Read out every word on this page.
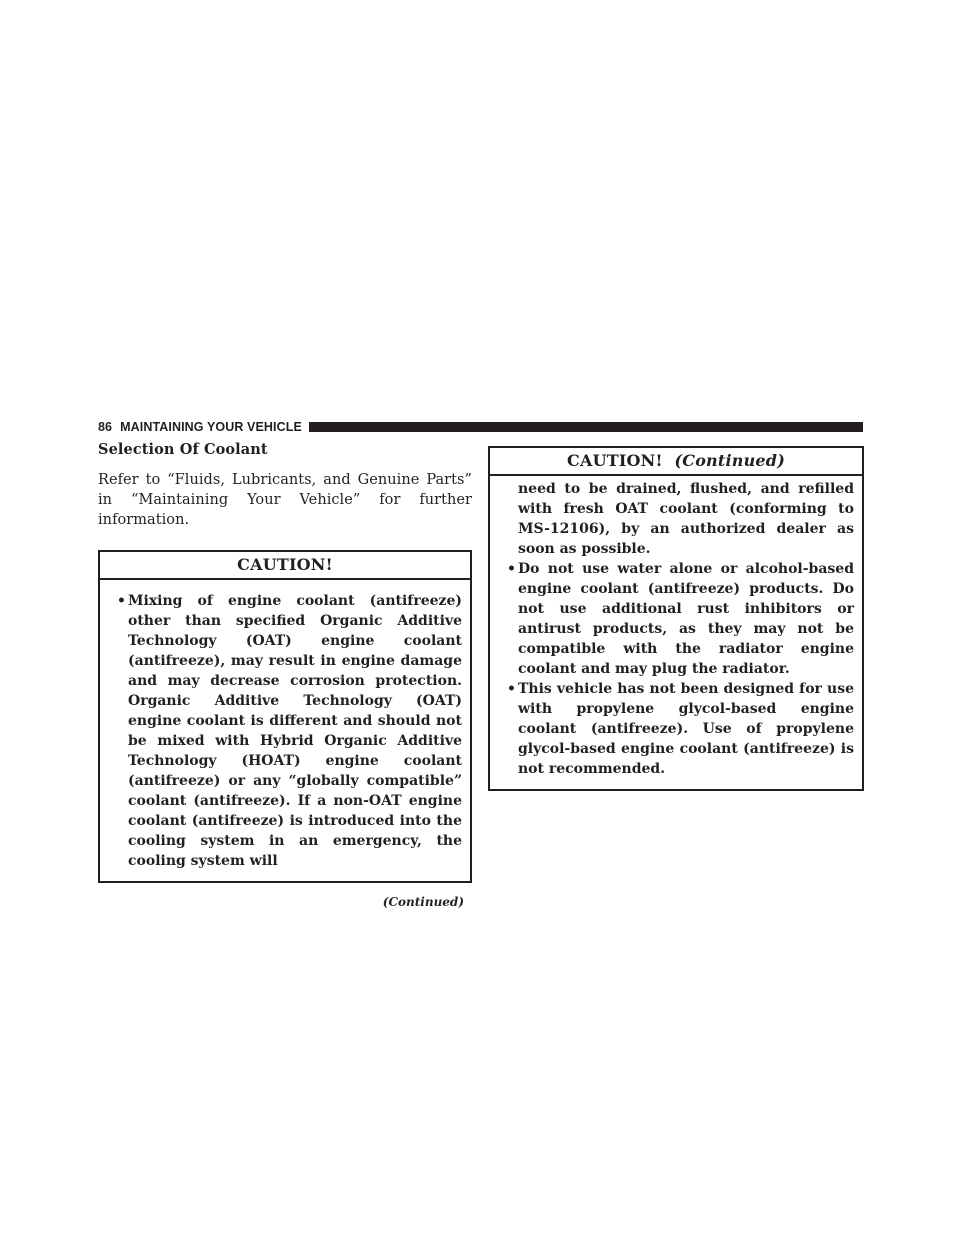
86 MAINTAINING YOUR VEHICLE
Selection Of Coolant

Refer to “Fluids, Lubricants, and Genuine Parts” in “Maintaining Your Vehicle” for further information.

CAUTION!
• Mixing of engine coolant (antifreeze) other than specified Organic Additive Technology (OAT) engine coolant (antifreeze), may result in engine damage and may decrease corrosion protection. Organic Additive Technology (OAT) engine coolant is different and should not be mixed with Hybrid Organic Additive Technology (HOAT) engine coolant (antifreeze) or any “globally compatible” coolant (antifreeze). If a non-OAT engine coolant (antifreeze) is introduced into the cooling system in an emergency, the cooling system will
(Continued)
CAUTION! (Continued)
need to be drained, flushed, and refilled with fresh OAT coolant (conforming to MS-12106), by an authorized dealer as soon as possible.
• Do not use water alone or alcohol-based engine coolant (antifreeze) products. Do not use additional rust inhibitors or antirust products, as they may not be compatible with the radiator engine coolant and may plug the radiator.
• This vehicle has not been designed for use with propylene glycol-based engine coolant (antifreeze). Use of propylene glycol-based engine coolant (antifreeze) is not recommended.
